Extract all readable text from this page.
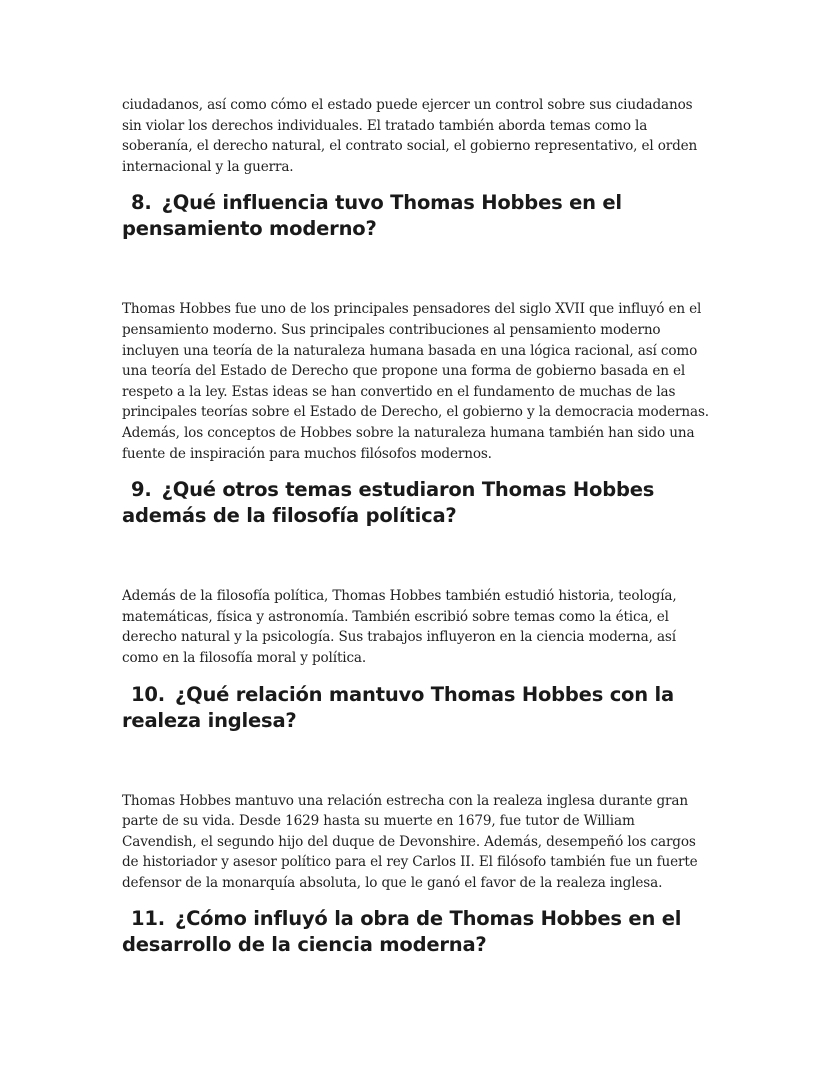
ciudadanos, así como cómo el estado puede ejercer un control sobre sus ciudadanos sin violar los derechos individuales. El tratado también aborda temas como la soberanía, el derecho natural, el contrato social, el gobierno representativo, el orden internacional y la guerra.

8. ¿Qué influencia tuvo Thomas Hobbes en el pensamiento moderno?

Thomas Hobbes fue uno de los principales pensadores del siglo XVII que influyó en el pensamiento moderno. Sus principales contribuciones al pensamiento moderno incluyen una teoría de la naturaleza humana basada en una lógica racional, así como una teoría del Estado de Derecho que propone una forma de gobierno basada en el respeto a la ley. Estas ideas se han convertido en el fundamento de muchas de las principales teorías sobre el Estado de Derecho, el gobierno y la democracia modernas. Además, los conceptos de Hobbes sobre la naturaleza humana también han sido una fuente de inspiración para muchos filósofos modernos.

9. ¿Qué otros temas estudiaron Thomas Hobbes además de la filosofía política?

Además de la filosofía política, Thomas Hobbes también estudió historia, teología, matemáticas, física y astronomía. También escribió sobre temas como la ética, el derecho natural y la psicología. Sus trabajos influyeron en la ciencia moderna, así como en la filosofía moral y política.

10. ¿Qué relación mantuvo Thomas Hobbes con la realeza inglesa?

Thomas Hobbes mantuvo una relación estrecha con la realeza inglesa durante gran parte de su vida. Desde 1629 hasta su muerte en 1679, fue tutor de William Cavendish, el segundo hijo del duque de Devonshire. Además, desempeñó los cargos de historiador y asesor político para el rey Carlos II. El filósofo también fue un fuerte defensor de la monarquía absoluta, lo que le ganó el favor de la realeza inglesa.

11. ¿Cómo influyó la obra de Thomas Hobbes en el desarrollo de la ciencia moderna?
